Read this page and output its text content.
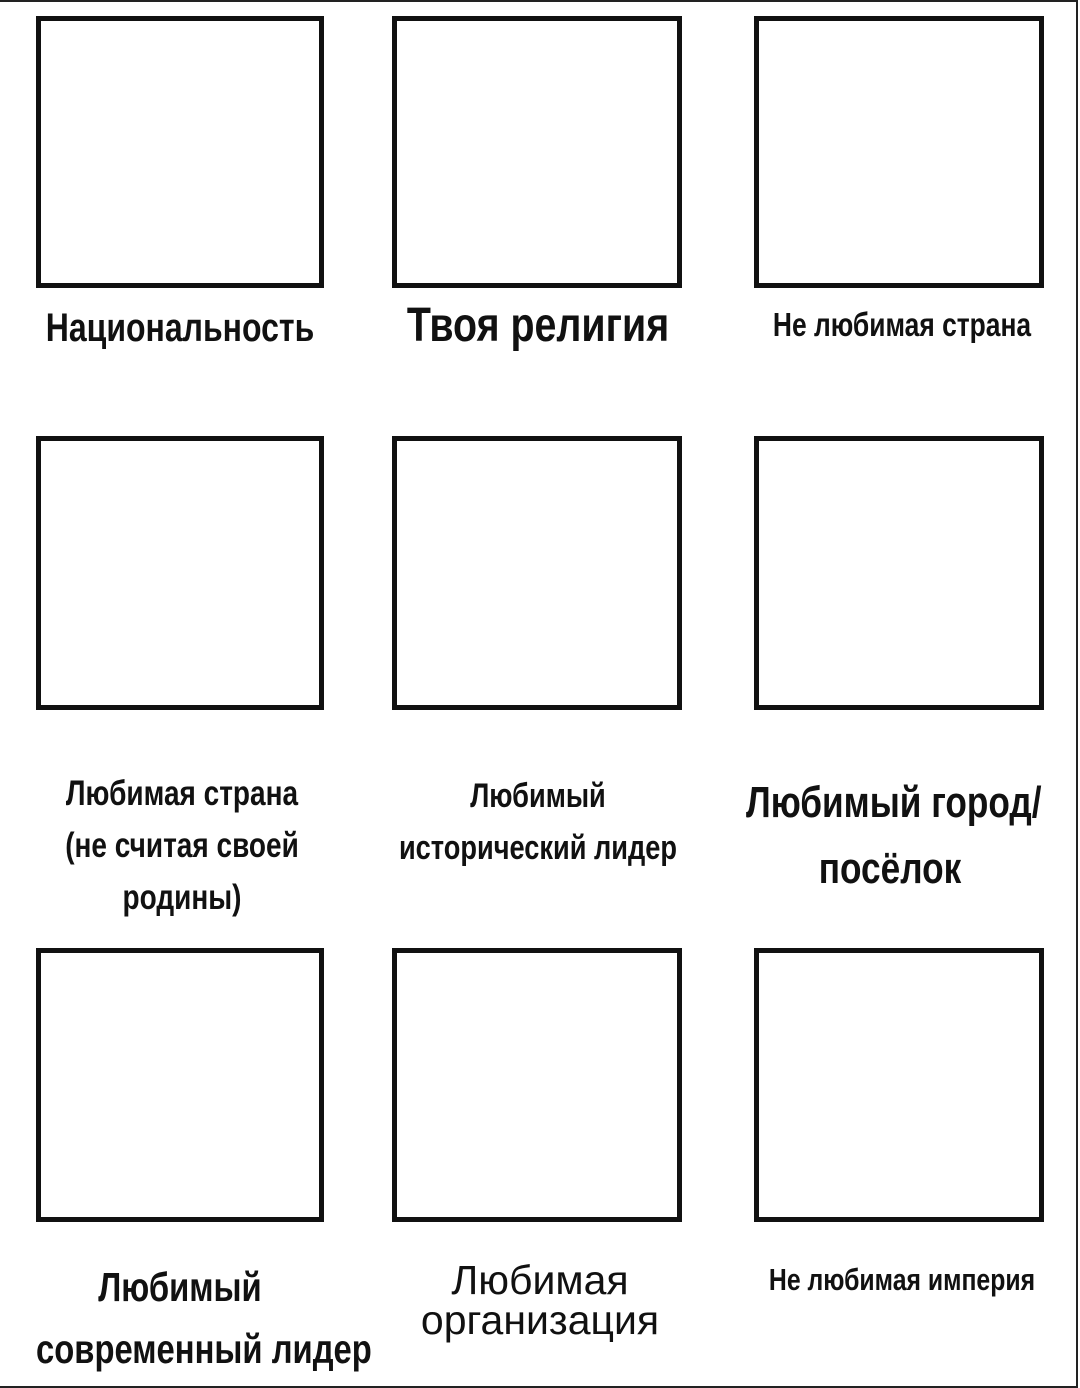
Национальность	Твоя религия	Не любимая страна
Любимая страна
(не считая своей
родины)
Любимый
исторический лидер
Любимый город/
посёлок
Любимый
современный лидер
Любимая
организация
Не любимая империя
